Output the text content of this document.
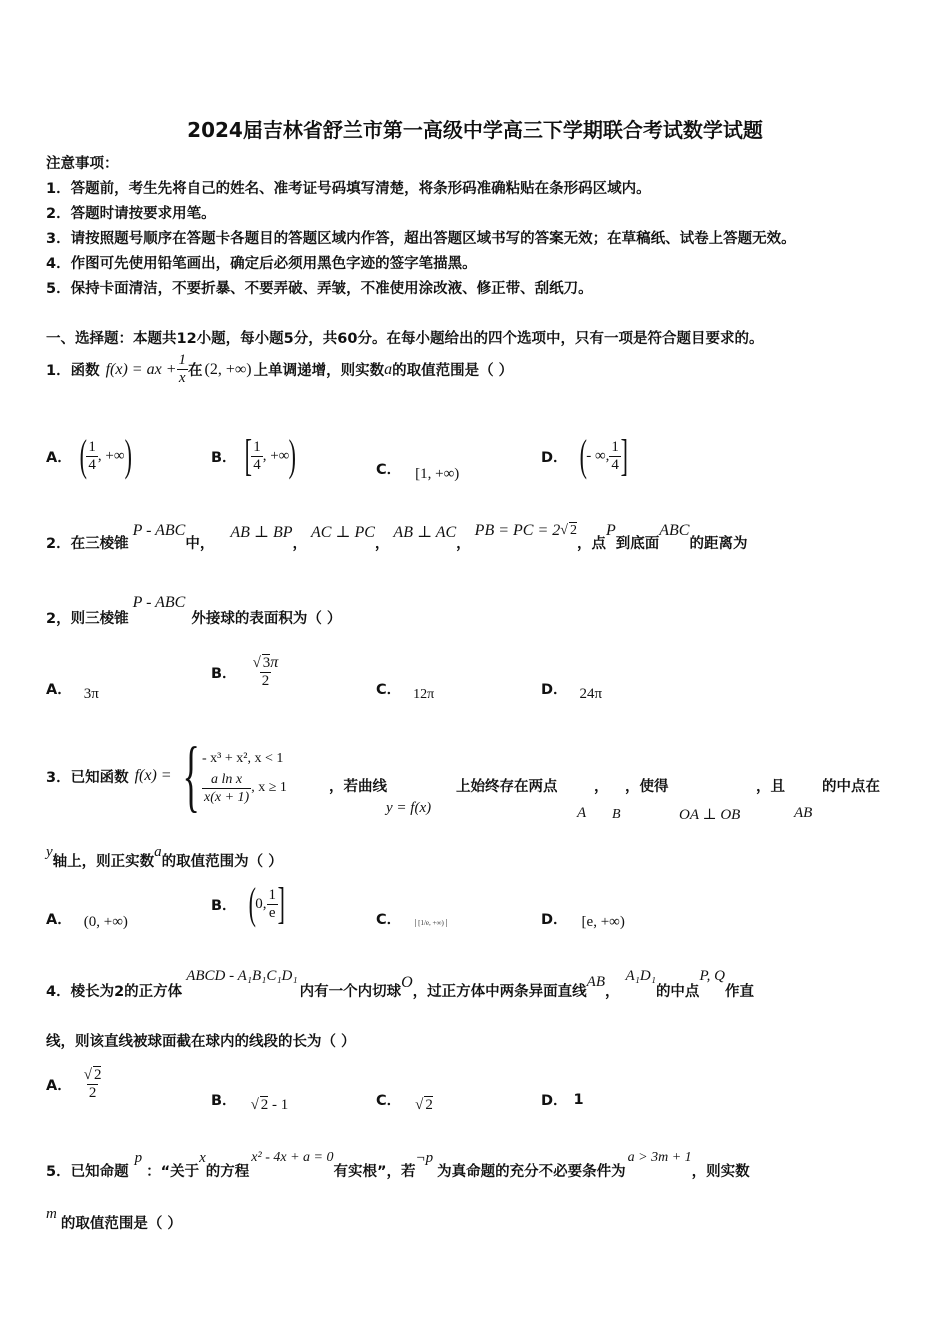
2024届吉林省舒兰市第一高级中学高三下学期联合考试数学试题
注意事项：
1．答题前，考生先将自己的姓名、准考证号码填写清楚，将条形码准确粘贴在条形码区域内。
2．答题时请按要求用笔。
3．请按照题号顺序在答题卡各题目的答题区域内作答，超出答题区域书写的答案无效；在草稿纸、试卷上答题无效。
4．作图可先使用铅笔画出，确定后必须用黑色字迹的签字笔描黑。
5．保持卡面清洁，不要折暴、不要弄破、弄皱，不准使用涂改液、修正带、刮纸刀。
一、选择题：本题共12小题，每小题5分，共60分。在每小题给出的四个选项中，只有一项是符合题目要求的。
1．函数 f(x) = ax + $\frac{1}{x}$ 在 (2, +∞) 上单调递增，则实数 a 的取值范围是（ ）
A． ( $\frac{1}{4}$ , +∞ )	B． [ $\frac{1}{4}$ , +∞ )	C． [1, +∞)
D． ( - ∞, $\frac{1}{4}$ ]
2．在三棱锥
P - ABC
中，
AB ⊥ BP
，
AC ⊥ PC
，
AB ⊥ AC
，
PB = PC = 2 √ 2
，点
P
到底面
ABC
的距离为
2，则三棱锥
P - ABC
外接球的表面积为（ ）
A． 3π
B． $\frac{√ 3\pi}{2}$	C． 12π	D． 24π
3．已知函数 f(x) = { - x³ + x², x < 1
$\frac{\text{a ln x}}{x(x + 1)}$ , x ≥ 1	，若曲线
y = f(x)
上始终存在两点	， ，使得	，且	的中点在
A B	OA ⊥ OB	AB
y
轴上，则正实数
a
的取值范围为（ ）
A． (0, +∞)
B． ( 0, $\frac{1}{e}$ ]	C．	[1/e, +∞)	D． [e, +∞)
4．棱长为2的正方体
ABCD - A₁B₁C₁D₁
内有一个内切球
O
，过正方体中两条异面直线
AB
，
A₁D₁
的中点
P, Q
作直
线，则该直线被球面截在球内的线段的长为（ ）
A． $\frac{√ 2}{2}$	B． √ 2 - 1	C． √ 2	D． 1
5．已知命题
p
：“关于
x
的方程
x² - 4x + a = 0
有实根”，若
¬p
为真命题的充分不必要条件为
a > 3m + 1
，则实数
m
的取值范围是（ ）
